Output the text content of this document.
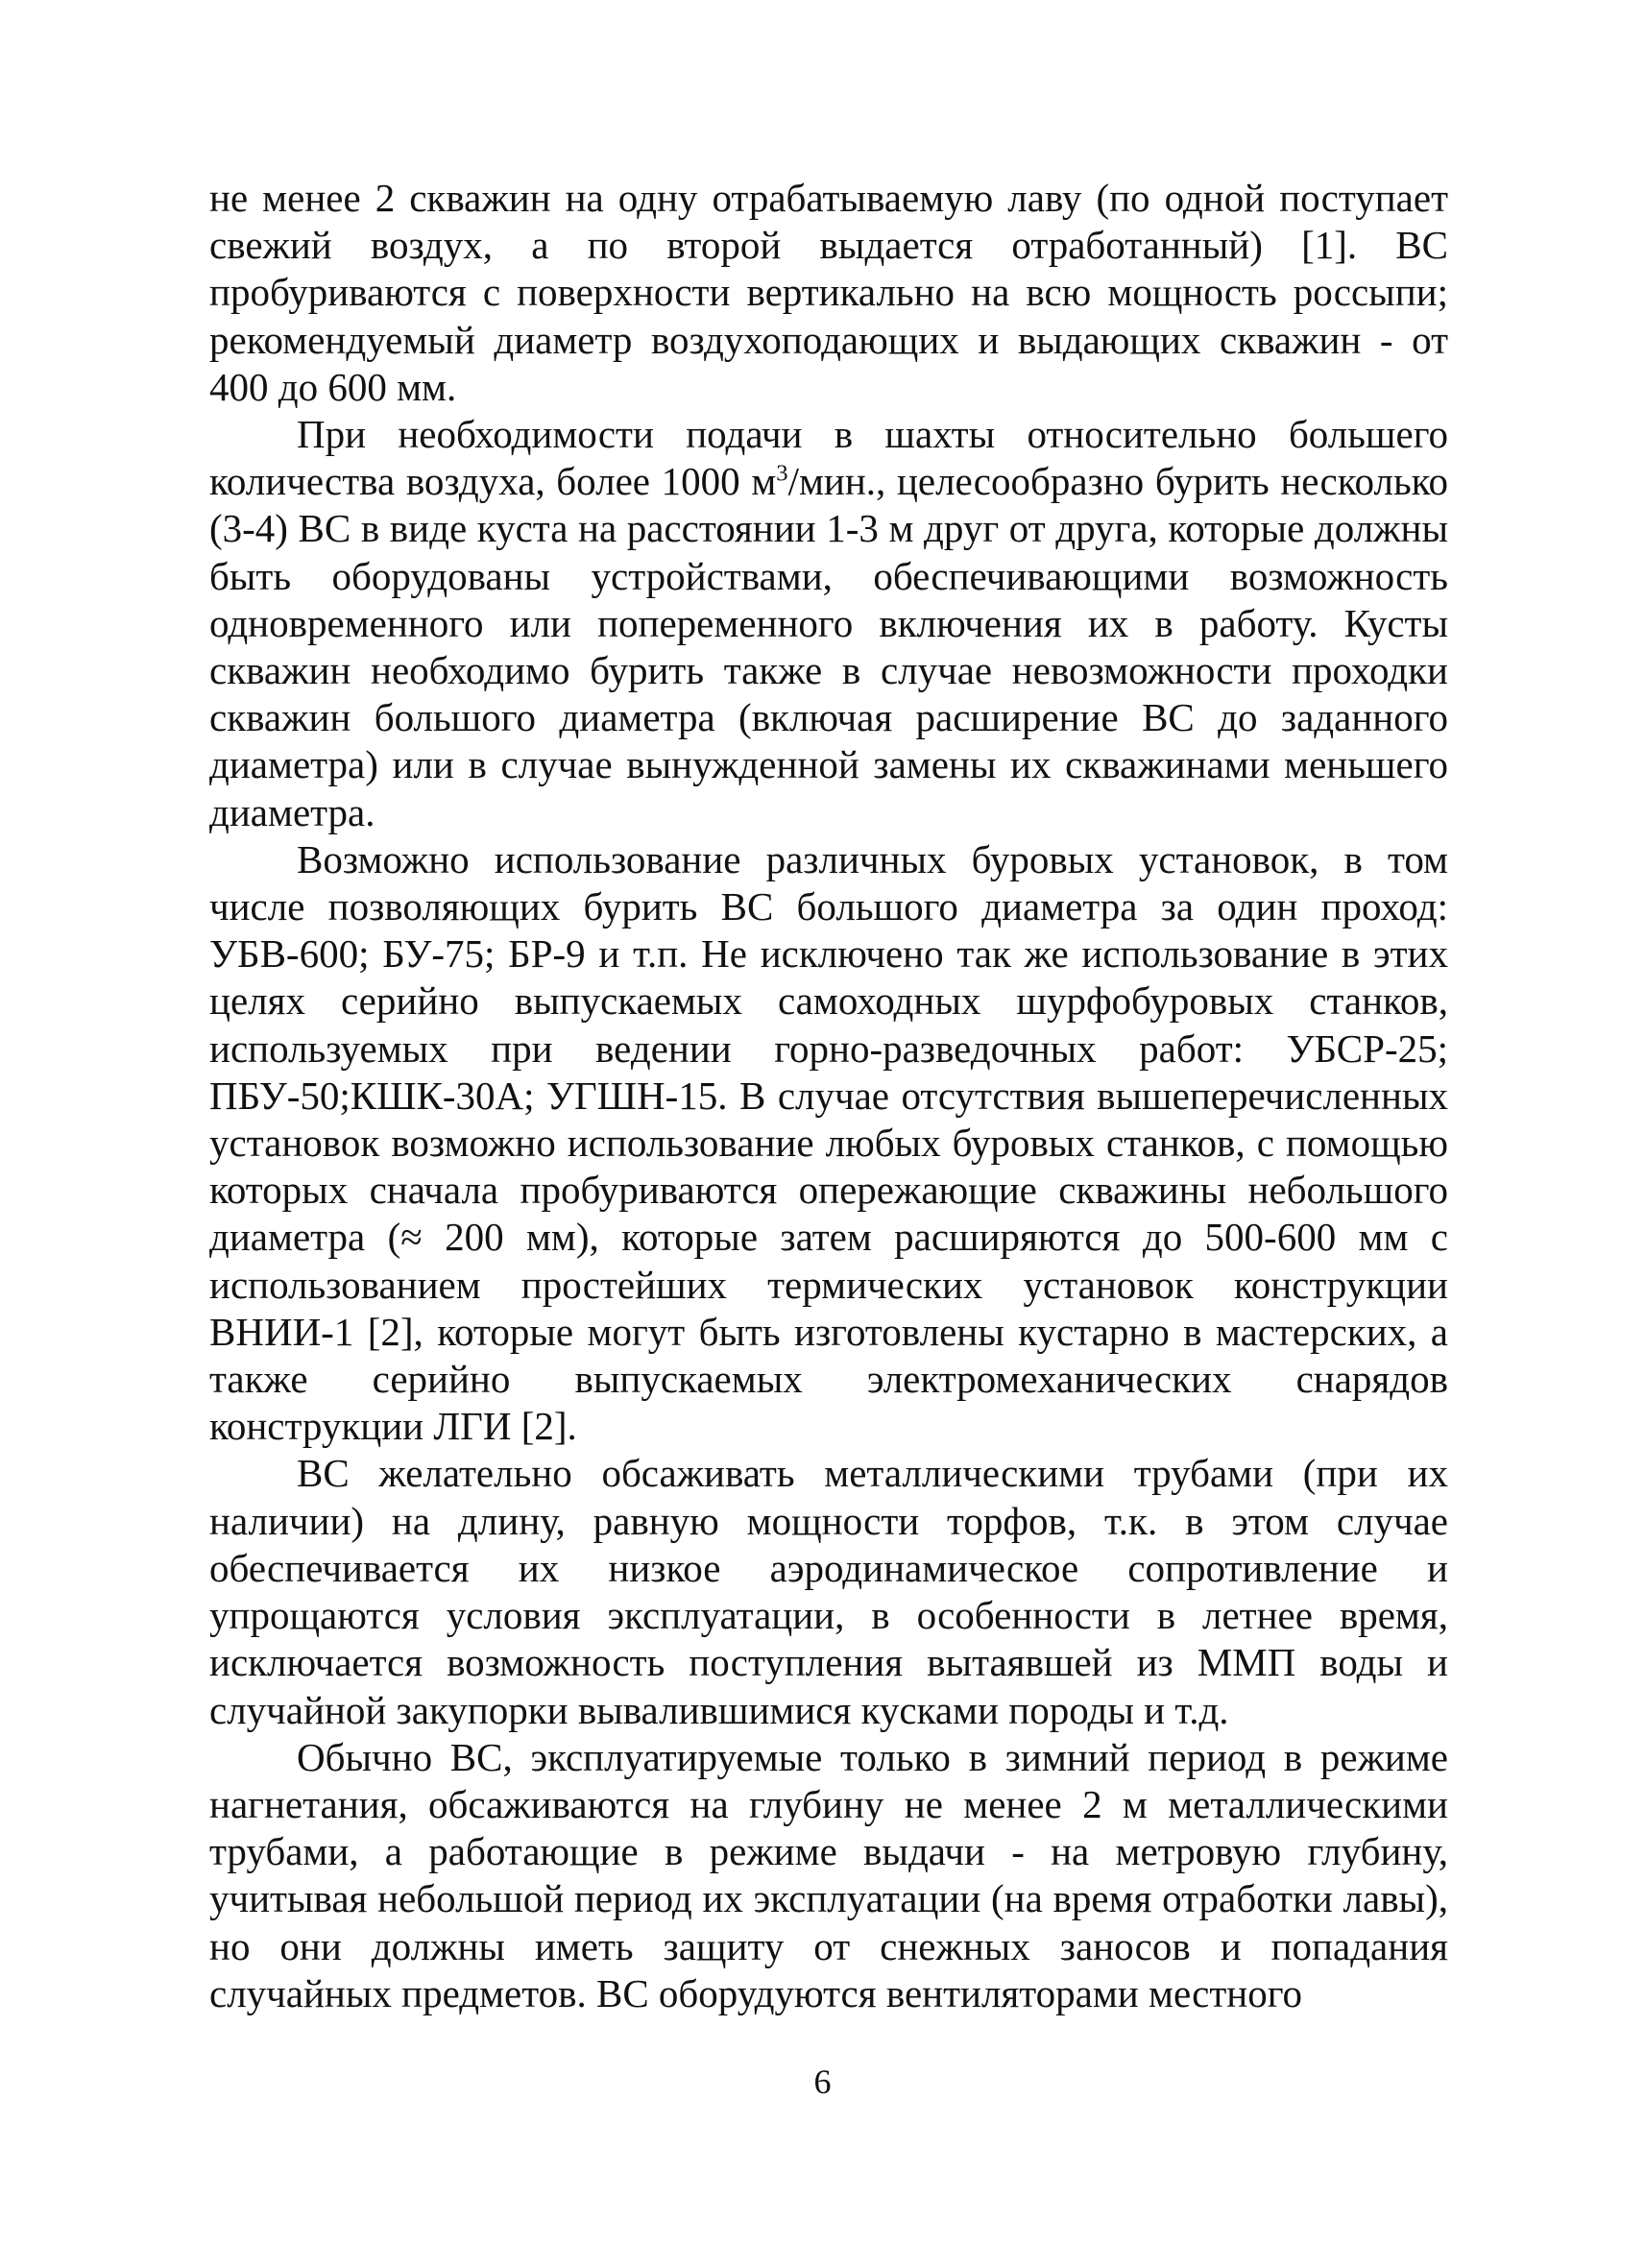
не менее 2 скважин на одну отрабатываемую лаву (по одной поступает свежий воздух, а по второй выдается отработанный) [1]. ВС пробуриваются с поверхности вертикально на всю мощность россыпи; рекомендуемый диаметр воздухоподающих и выдающих скважин - от 400 до 600 мм.

При необходимости подачи в шахты относительно большего количества воздуха, более 1000 $м^3$/мин., целесообразно бурить несколько (3-4) ВС в виде куста на расстоянии 1-3 м друг от друга, которые должны быть оборудованы устройствами, обеспечивающими возможность одновременного или попеременного включения их в работу. Кусты скважин необходимо бурить также в случае невозможности проходки скважин большого диаметра (включая расширение ВС до заданного диаметра) или в случае вынужденной замены их скважинами меньшего диаметра.

Возможно использование различных буровых установок, в том числе позволяющих бурить ВС большого диаметра за один проход: УБВ-600; БУ-75; БР-9 и т.п. Не исключено так же использование в этих целях серийно выпускаемых самоходных шурфобуровых станков, используемых при ведении горно-разведочных работ: УБСР-25; ПБУ-50;КШК-30А; УГШН-15. В случае отсутствия вышеперечисленных установок возможно использование любых буровых станков, с помощью которых сначала пробуриваются опережающие скважины небольшого диаметра (≈ 200 мм), которые затем расширяются до 500-600 мм с использованием простейших термических установок конструкции ВНИИ-1 [2], которые могут быть изготовлены кустарно в мастерских, а также серийно выпускаемых электромеханических снарядов конструкции ЛГИ [2].

ВС желательно обсаживать металлическими трубами (при их наличии) на длину, равную мощности торфов, т.к. в этом случае обеспечивается их низкое аэродинамическое сопротивление и упрощаются условия эксплуатации, в особенности в летнее время, исключается возможность поступления вытаявшей из ММП воды и случайной закупорки вывалившимися кусками породы и т.д.

Обычно ВС, эксплуатируемые только в зимний период в режиме нагнетания, обсаживаются на глубину не менее 2 м металлическими трубами, а работающие в режиме выдачи - на метровую глубину, учитывая небольшой период их эксплуатации (на время отработки лавы), но они должны иметь защиту от снежных заносов и попадания случайных предметов. ВС оборудуются вентиляторами местного

6
